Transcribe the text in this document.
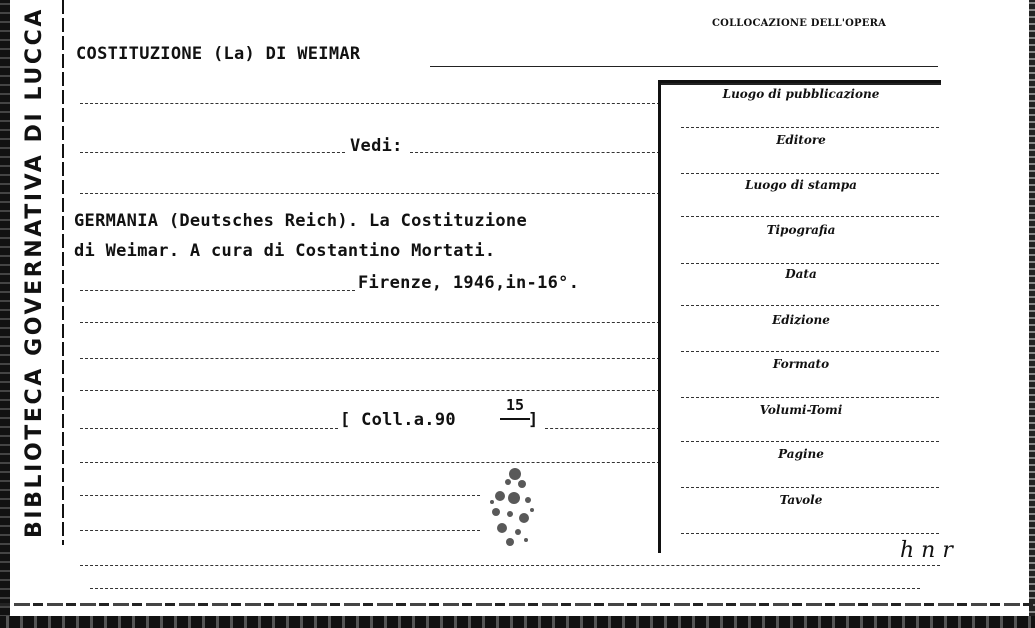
BIBLIOTECA GOVERNATIVA DI LUCCA	COLLOCAZIONE DELL'OPERA
COSTITUZIONE (La) DI WEIMAR
Vedi:
GERMANIA (Deutsches Reich). La Costituzione
di Weimar. A cura di Costantino Mortati.
Firenze, 1946,in-16°.
[ Coll.a.90
15
]
Luogo di pubblicazione
Editore
Luogo di stampa
Tipografia
Data
Edizione
Formato
Volumi-Tomi
Pagine
Tavole
h n r
